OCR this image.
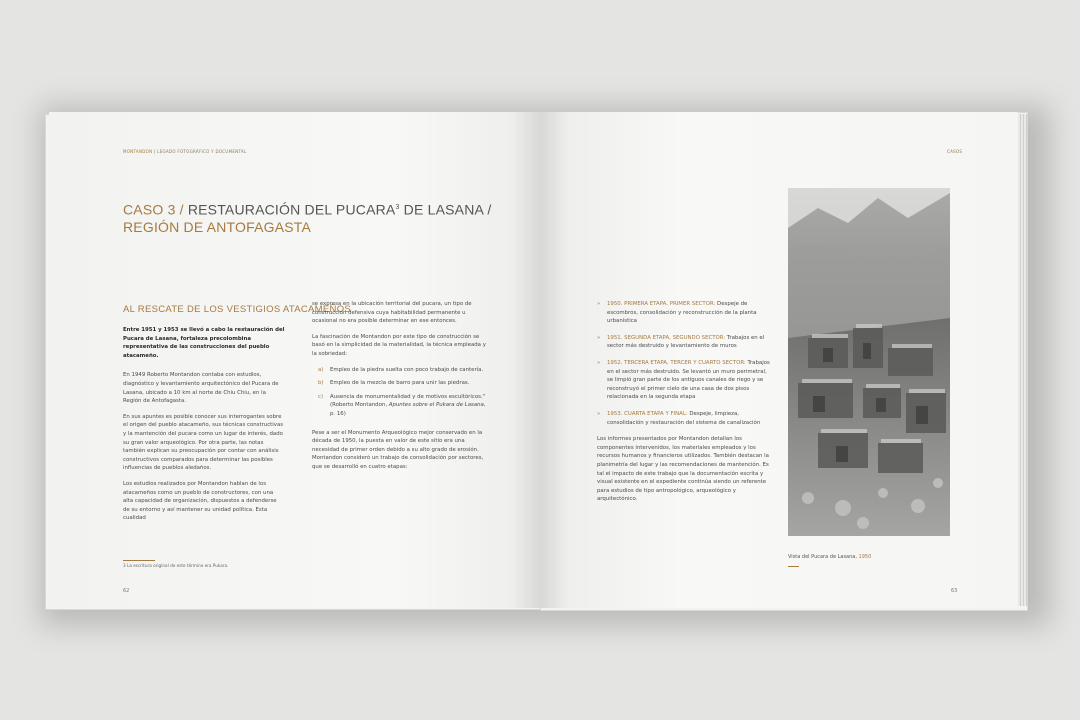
MONTANDON | LEGADO FOTOGRÁFICO Y DOCUMENTAL
CASO 3 / RESTAURACIÓN DEL PUCARA$^3$ DE LASANA /
REGIÓN DE ANTOFAGASTA
AL RESCATE DE LOS VESTIGIOS ATACAMEÑOS

Entre 1951 y 1953 se llevó a cabo la restauración del Pucara de Lasana, fortaleza precolombina representativa de las construcciones del pueblo atacameño.

En 1949 Roberto Montandon contaba con estudios, diagnóstico y levantamiento arquitectónico del Pucara de Lasana, ubicado a 10 km al norte de Chiu Chiu, en la Región de Antofagasta.

En sus apuntes es posible conocer sus interrogantes sobre el origen del pueblo atacameño, sus técnicas constructivas y la mantención del pucara como un lugar de interés, dado su gran valor arqueológico. Por otra parte, las notas también explican su preocupación por contar con análisis constructivos comparados para determinar las posibles influencias de pueblos aledaños.

Los estudios realizados por Montandon hablan de los atacameños como un pueblo de constructores, con una alta capacidad de organización, dispuestos a defenderse de su entorno y así mantener su unidad política. Esta cualidad

se expresa en la ubicación territorial del pucara, un tipo de construcción defensiva cuya habitabilidad permanente u ocasional no era posible determinar en ese entonces.

La fascinación de Montandon por este tipo de construcción se basó en la simplicidad de la materialidad, la técnica empleada y la sobriedad:

a) Empleo de la piedra suelta con poco trabajo de cantería.
b) Empleo de la mezcla de barro para unir las piedras.
c) Ausencia de monumentalidad y de motivos escultóricos." (Roberto Montandon, Apuntes sobre el Pukara de Lasana, p. 16)

Pese a ser el Monumento Arqueológico mejor conservado en la década de 1950, la puesta en valor de este sitio era una necesidad de primer orden debido a su alto grado de erosión. Montandon consideró un trabajo de consolidación por sectores, que se desarrolló en cuatro etapas:

3 La escritura original de este término era Pukara.
62
CASOS
» 1950. PRIMERA ETAPA, PRIMER SECTOR: Despeje de escombros, consolidación y reconstrucción de la planta urbanística
» 1951. SEGUNDA ETAPA, SEGUNDO SECTOR: Trabajos en el sector más destruido y levantamiento de muros
» 1952. TERCERA ETAPA, TERCER Y CUARTO SECTOR: Trabajos en el sector más destruido. Se levantó un muro perimetral, se limpió gran parte de los antiguos canales de riego y se reconstruyó el primer cielo de una casa de dos pisos relacionada en la segunda etapa
» 1953. CUARTA ETAPA Y FINAL: Despeje, limpieza, consolidación y restauración del sistema de canalización

Los informes presentados por Montandon detallan los componentes intervenidos, los materiales empleados y los recursos humanos y financieros utilizados. También destacan la planimetría del lugar y las recomendaciones de mantención. Es tal el impacto de este trabajo que la documentación escrita y visual existente en el expediente continúa siendo un referente para estudios de tipo antropológico, arqueológico y arquitectónico.

Vista del Pucara de Lasana, 1950
63
